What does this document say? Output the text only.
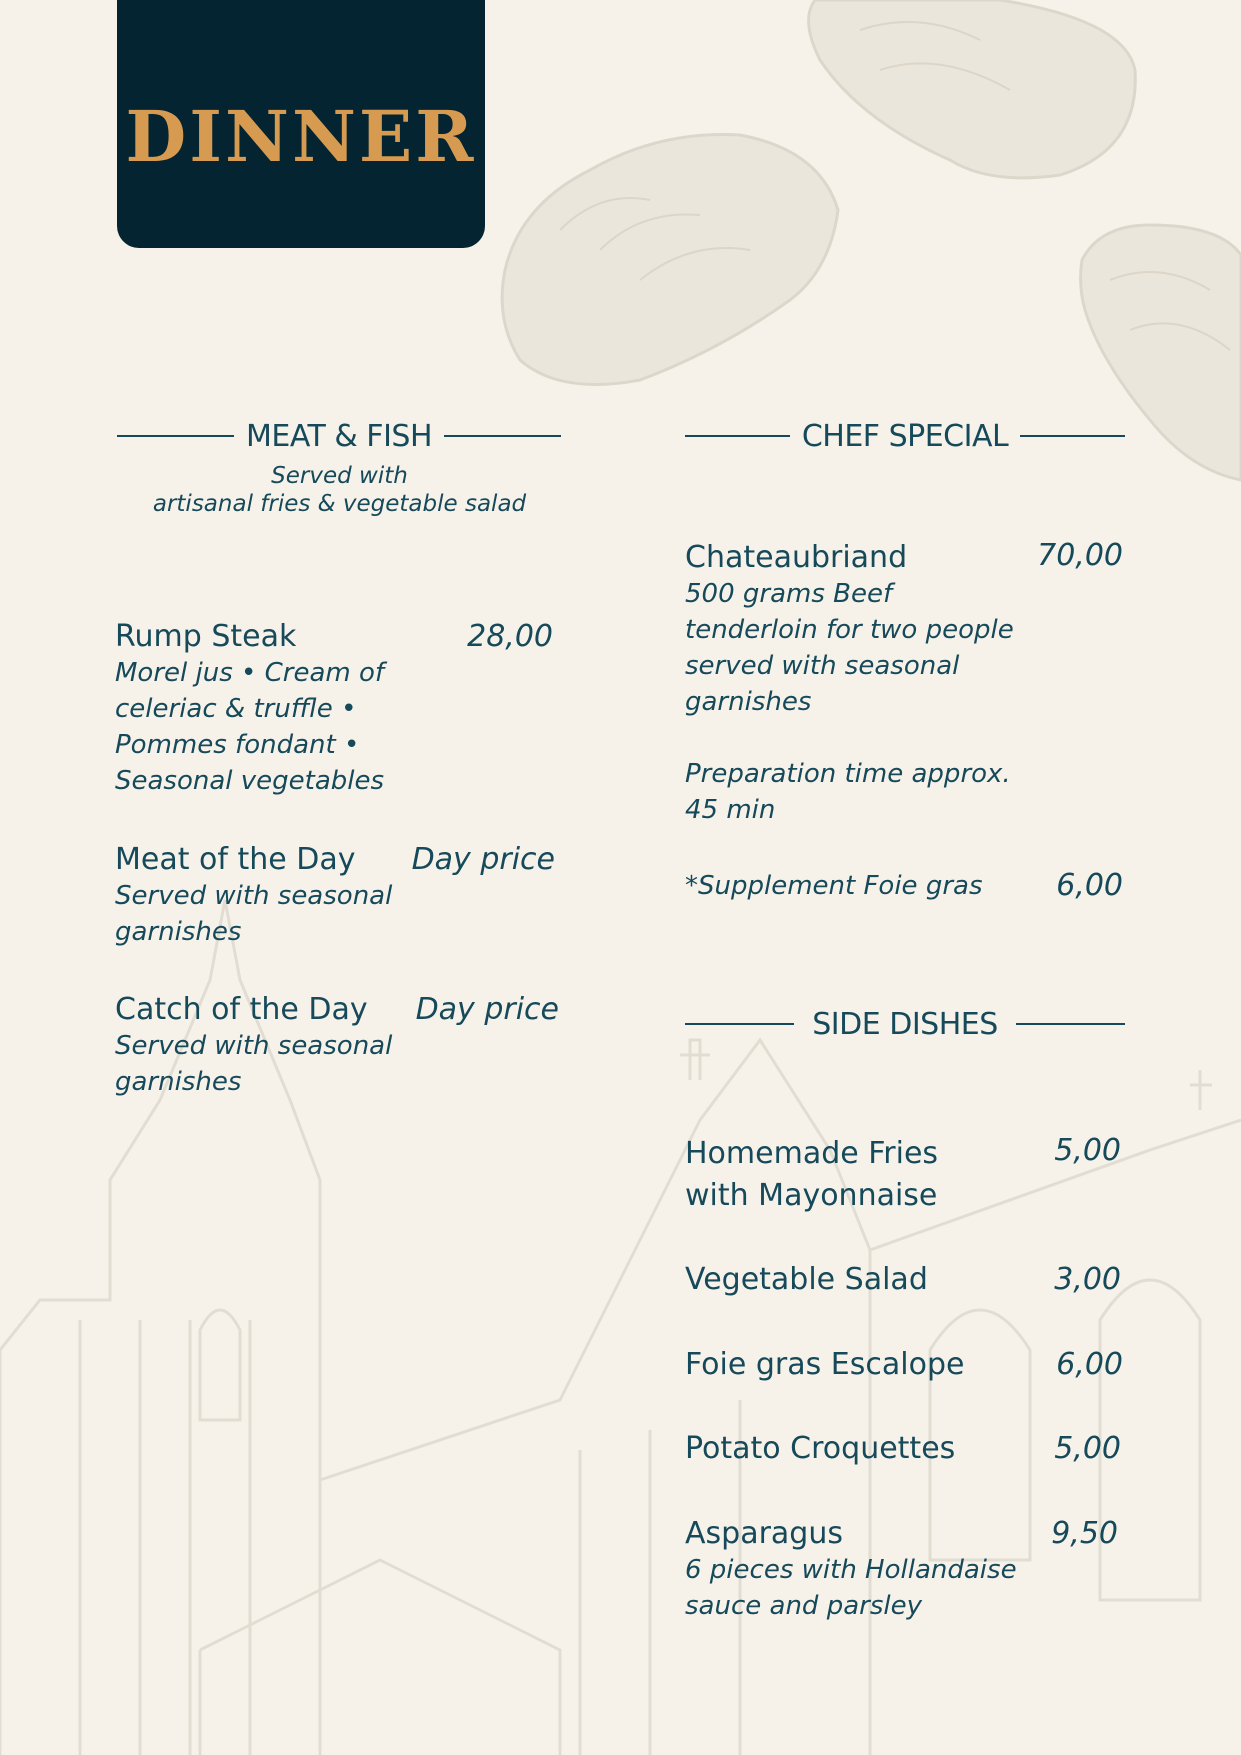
DINNER
MEAT & FISH
Served with
artisanal fries & vegetable salad
Rump Steak	28,00
Morel jus • Cream of
celeriac & truffle •
Pommes fondant •
Seasonal vegetables
Meat of the Day	Day price
Served with seasonal
garnishes
Catch of the Day	Day price
Served with seasonal
garnishes
CHEF SPECIAL
Chateaubriand	70,00
500 grams Beef
tenderloin for two people
served with seasonal
garnishes
Preparation time approx.
45 min
*Supplement Foie gras	6,00
SIDE DISHES
Homemade Fries
with Mayonnaise
5,00
Vegetable Salad	3,00
Foie gras Escalope	6,00
Potato Croquettes	5,00
Asparagus	9,50
6 pieces with Hollandaise
sauce and parsley
